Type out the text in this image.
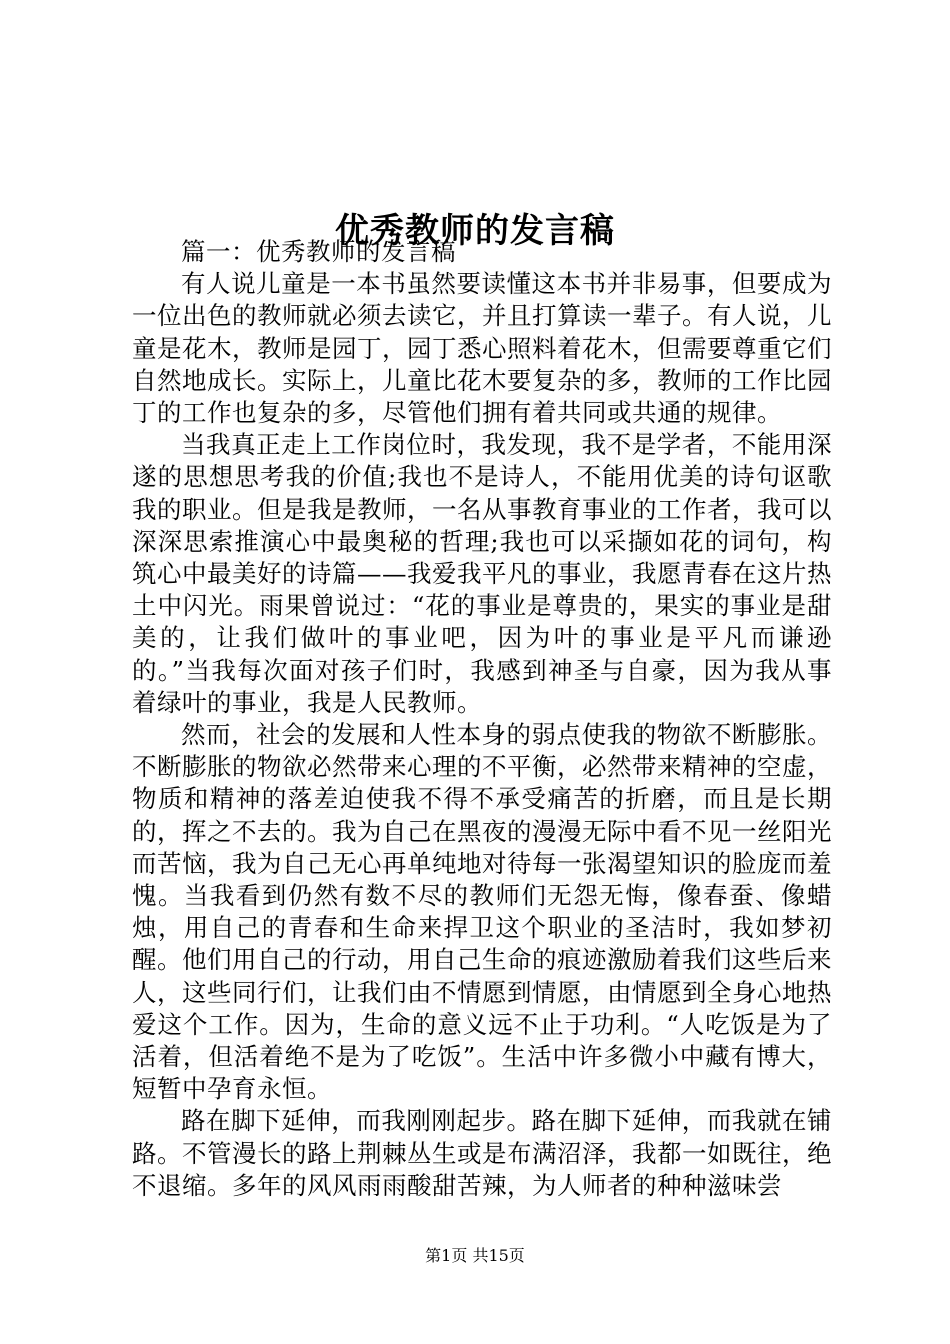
优秀教师的发言稿

篇一：优秀教师的发言稿

有人说儿童是一本书虽然要读懂这本书并非易事，但要成为一位出色的教师就必须去读它，并且打算读一辈子。有人说，儿童是花木，教师是园丁，园丁悉心照料着花木，但需要尊重它们自然地成长。实际上，儿童比花木要复杂的多，教师的工作比园丁的工作也复杂的多，尽管他们拥有着共同或共通的规律。

当我真正走上工作岗位时，我发现，我不是学者，不能用深遂的思想思考我的价值;我也不是诗人，不能用优美的诗句讴歌我的职业。但是我是教师，一名从事教育事业的工作者，我可以深深思索推演心中最奥秘的哲理;我也可以采撷如花的词句，构筑心中最美好的诗篇——我爱我平凡的事业，我愿青春在这片热土中闪光。雨果曾说过：“花的事业是尊贵的，果实的事业是甜美的，让我们做叶的事业吧，因为叶的事业是平凡而谦逊的。”当我每次面对孩子们时，我感到神圣与自豪，因为我从事着绿叶的事业，我是人民教师。

然而，社会的发展和人性本身的弱点使我的物欲不断膨胀。不断膨胀的物欲必然带来心理的不平衡，必然带来精神的空虚，物质和精神的落差迫使我不得不承受痛苦的折磨，而且是长期的，挥之不去的。我为自己在黑夜的漫漫无际中看不见一丝阳光而苦恼，我为自己无心再单纯地对待每一张渴望知识的脸庞而羞愧。当我看到仍然有数不尽的教师们无怨无悔，像春蚕、像蜡烛，用自己的青春和生命来捍卫这个职业的圣洁时，我如梦初醒。他们用自己的行动，用自己生命的痕迹激励着我们这些后来人，这些同行们，让我们由不情愿到情愿，由情愿到全身心地热爱这个工作。因为，生命的意义远不止于功利。“人吃饭是为了活着，但活着绝不是为了吃饭”。生活中许多微小中藏有博大，短暂中孕育永恒。

路在脚下延伸，而我刚刚起步。路在脚下延伸，而我就在铺路。不管漫长的路上荆棘丛生或是布满沼泽，我都一如既往，绝不退缩。多年的风风雨雨酸甜苦辣，为人师者的种种滋味尝

第1页 共15页
